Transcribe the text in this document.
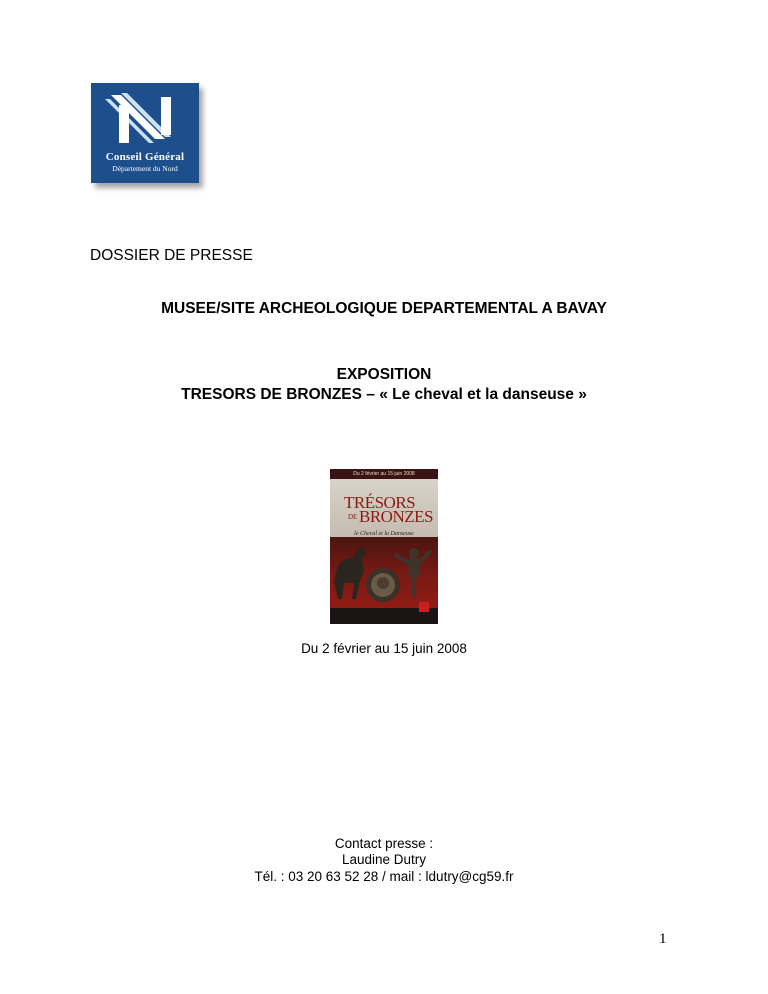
Conseil Général
Département du Nord
DOSSIER DE PRESSE
MUSEE/SITE ARCHEOLOGIQUE DEPARTEMENTAL A BAVAY
EXPOSITION
TRESORS DE BRONZES – « Le cheval et la danseuse »
Du 2 février au 15 juin 2008
TRÉSORS
DE BRONZES
le Cheval et la Danseuse
Du 2 février au 15 juin 2008
Contact presse :
Laudine Dutry
Tél. : 03 20 63 52 28 / mail : ldutry@cg59.fr
1
